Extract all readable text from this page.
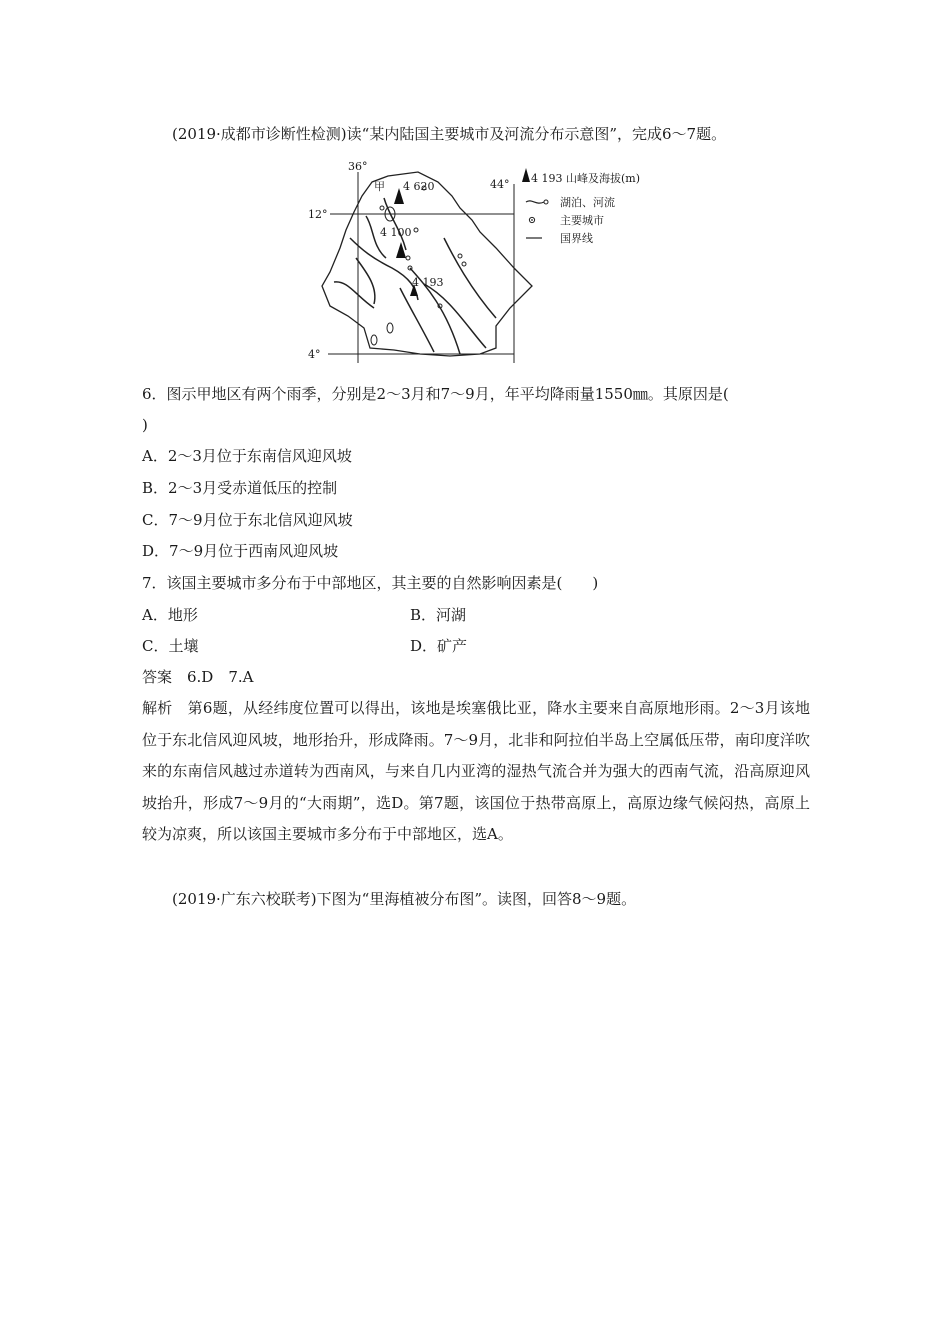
(2019·成都市诊断性检测)读“某内陆国主要城市及河流分布示意图”，完成6～7题。
36°
44°
12°
4°
甲 4 620
4 100
4 193
4 193 山峰及海拔(m)
湖泊、河流
主要城市
国界线
6．图示甲地区有两个雨季，分别是2～3月和7～9月，年平均降雨量1550㎜。其原因是(
)
A．2～3月位于东南信风迎风坡
B．2～3月受赤道低压的控制
C．7～9月位于东北信风迎风坡
D．7～9月位于西南风迎风坡
7．该国主要城市多分布于中部地区，其主要的自然影响因素是(　　)
A．地形	B．河湖
C．土壤	D．矿产
答案　6.D　7.A
解析　第6题，从经纬度位置可以得出，该地是埃塞俄比亚，降水主要来自高原地形雨。2～3月该地位于东北信风迎风坡，地形抬升，形成降雨。7～9月，北非和阿拉伯半岛上空属低压带，南印度洋吹来的东南信风越过赤道转为西南风，与来自几内亚湾的湿热气流合并为强大的西南气流，沿高原迎风坡抬升，形成7～9月的“大雨期”，选D。第7题，该国位于热带高原上，高原边缘气候闷热，高原上较为凉爽，所以该国主要城市多分布于中部地区，选A。
(2019·广东六校联考)下图为“里海植被分布图”。读图，回答8～9题。
